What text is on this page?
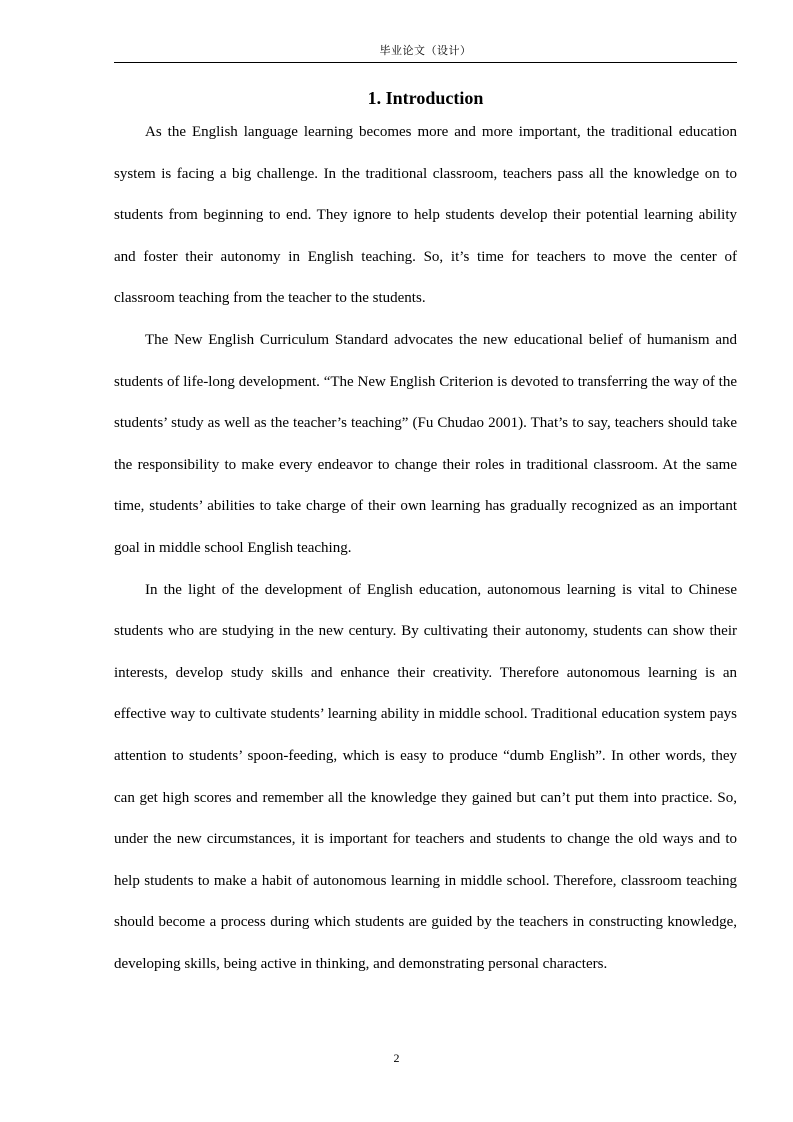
毕业论文（设计）
1. Introduction

As the English language learning becomes more and more important, the traditional education system is facing a big challenge. In the traditional classroom, teachers pass all the knowledge on to students from beginning to end. They ignore to help students develop their potential learning ability and foster their autonomy in English teaching. So, it’s time for teachers to move the center of classroom teaching from the teacher to the students.

The New English Curriculum Standard advocates the new educational belief of humanism and students of life-long development. “The New English Criterion is devoted to transferring the way of the students’ study as well as the teacher’s teaching” (Fu Chudao 2001). That’s to say, teachers should take the responsibility to make every endeavor to change their roles in traditional classroom. At the same time, students’ abilities to take charge of their own learning has gradually recognized as an important goal in middle school English teaching.

In the light of the development of English education, autonomous learning is vital to Chinese students who are studying in the new century. By cultivating their autonomy, students can show their interests, develop study skills and enhance their creativity. Therefore autonomous learning is an effective way to cultivate students’ learning ability in middle school. Traditional education system pays attention to students’ spoon-feeding, which is easy to produce “dumb English”. In other words, they can get high scores and remember all the knowledge they gained but can’t put them into practice. So, under the new circumstances, it is important for teachers and students to change the old ways and to help students to make a habit of autonomous learning in middle school. Therefore, classroom teaching should become a process during which students are guided by the teachers in constructing knowledge, developing skills, being active in thinking, and demonstrating personal characters.

2
